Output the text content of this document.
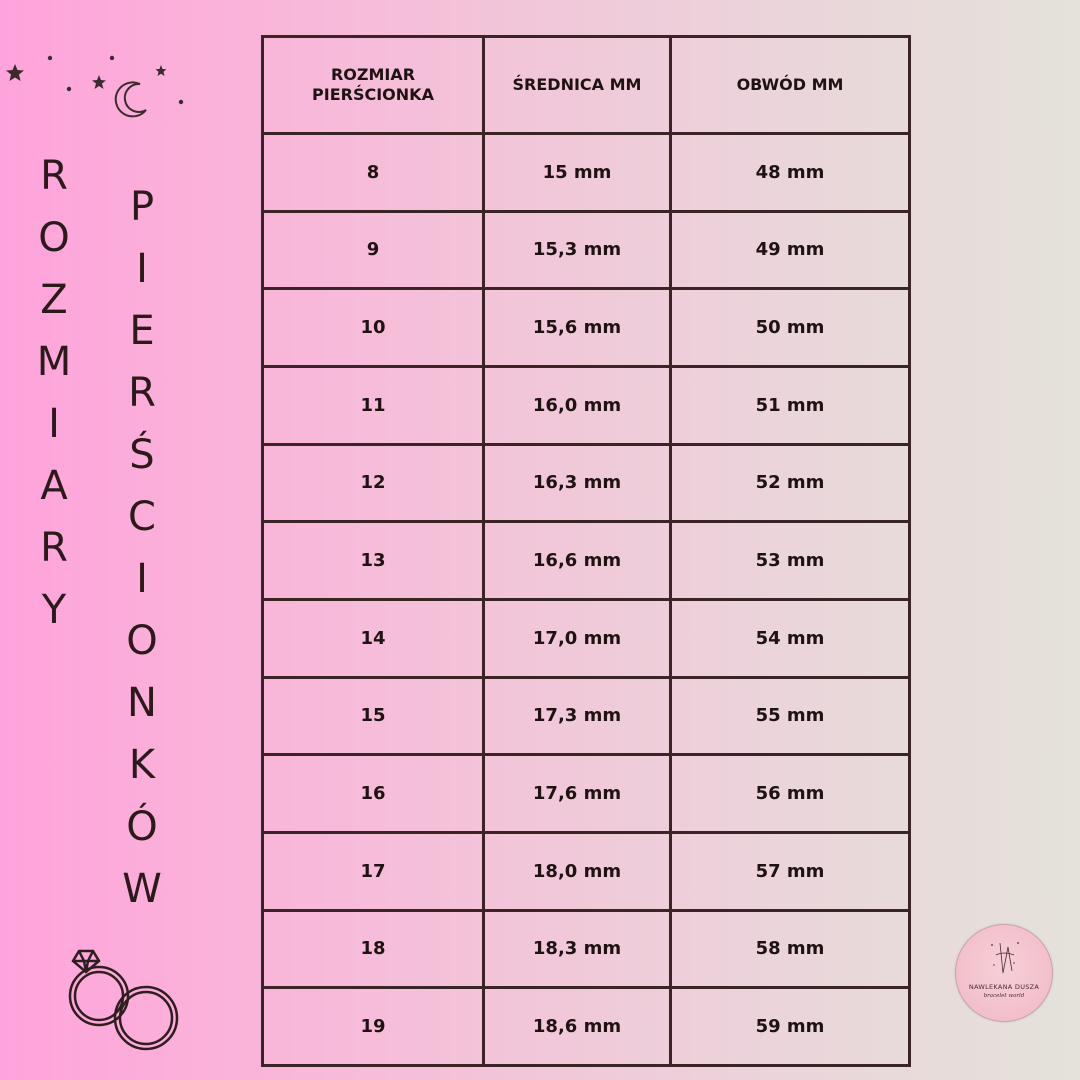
R
O
Z
M
I
A
R
Y
P
I
E
R
Ś
C
I
O
N
K
Ó
W
ROZMIAR PIERŚCIONKA	ŚREDNICA MM	OBWÓD MM
8	15 mm	48 mm
9	15,3 mm	49 mm
10	15,6 mm	50 mm
11	16,0 mm	51 mm
12	16,3 mm	52 mm
13	16,6 mm	53 mm
14	17,0 mm	54 mm
15	17,3 mm	55 mm
16	17,6 mm	56 mm
17	18,0 mm	57 mm
18	18,3 mm	58 mm
19	18,6 mm	59 mm
NAWLEKANA DUSZA
bracelet world
